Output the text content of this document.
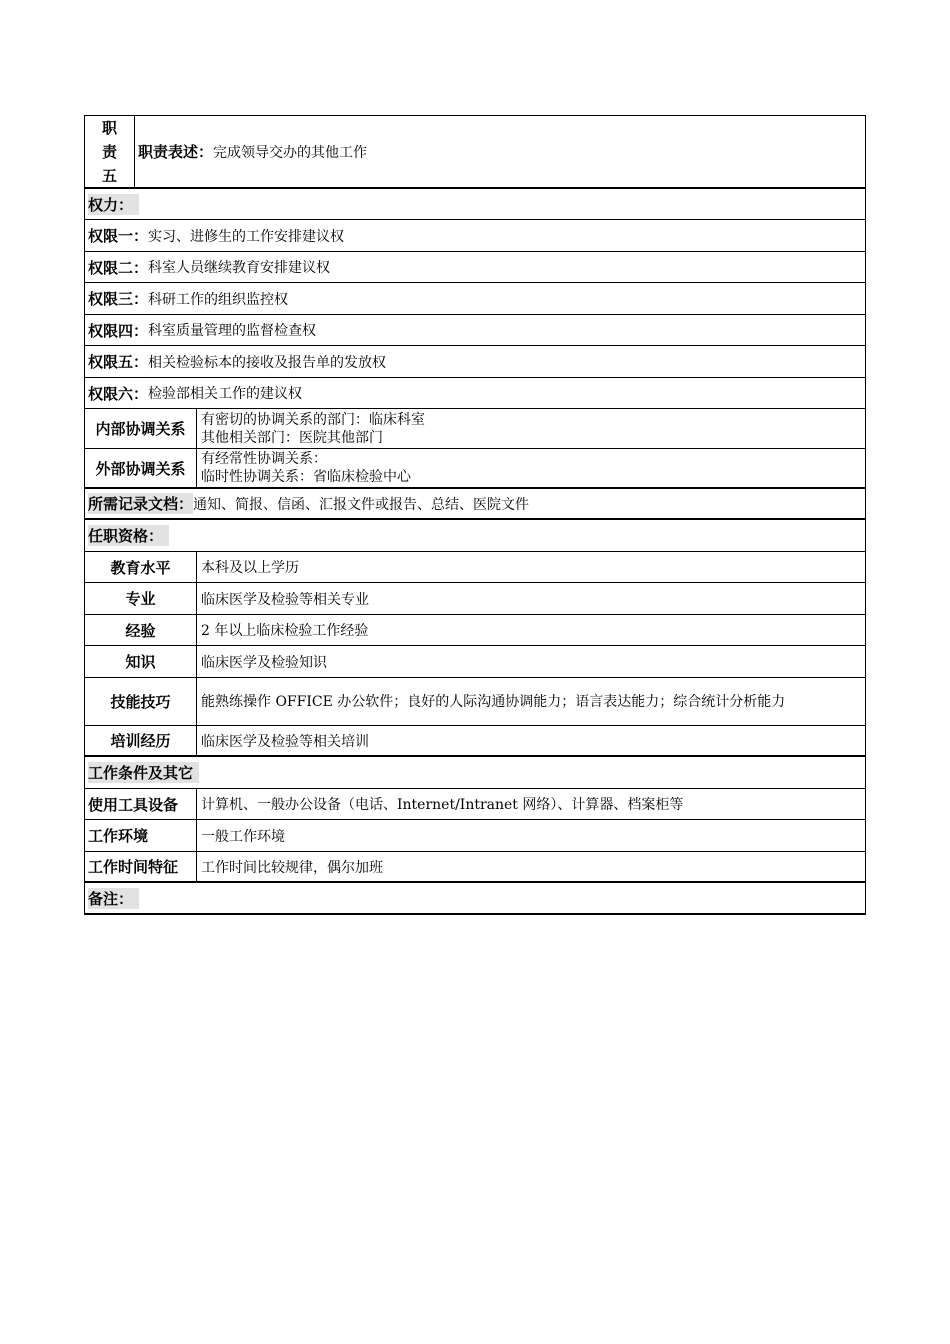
职
责
五
职责表述： 完成领导交办的其他工作
权力：
权限一： 实习、进修生的工作安排建议权
权限二： 科室人员继续教育安排建议权
权限三： 科研工作的组织监控权
权限四： 科室质量管理的监督检查权
权限五： 相关检验标本的接收及报告单的发放权
权限六： 检验部相关工作的建议权
内部协调关系
有密切的协调关系的部门：临床科室
其他相关部门：医院其他部门
外部协调关系
有经常性协调关系：
临时性协调关系：省临床检验中心
所需记录文档： 通知、简报、信函、汇报文件或报告、总结、医院文件
任职资格：
教育水平 本科及以上学历
专业	临床医学及检验等相关专业
经验	2 年以上临床检验工作经验
知识	临床医学及检验知识
技能技巧 能熟练操作 OFFICE 办公软件；良好的人际沟通协调能力；语言表达能力；综合统计分析能力
培训经历 临床医学及检验等相关培训
工作条件及其它
使用工具设备 计算机、一般办公设备（电话、Internet/Intranet 网络）、计算器、档案柜等
工作环境	一般工作环境
工作时间特征 工作时间比较规律，偶尔加班
备注：
